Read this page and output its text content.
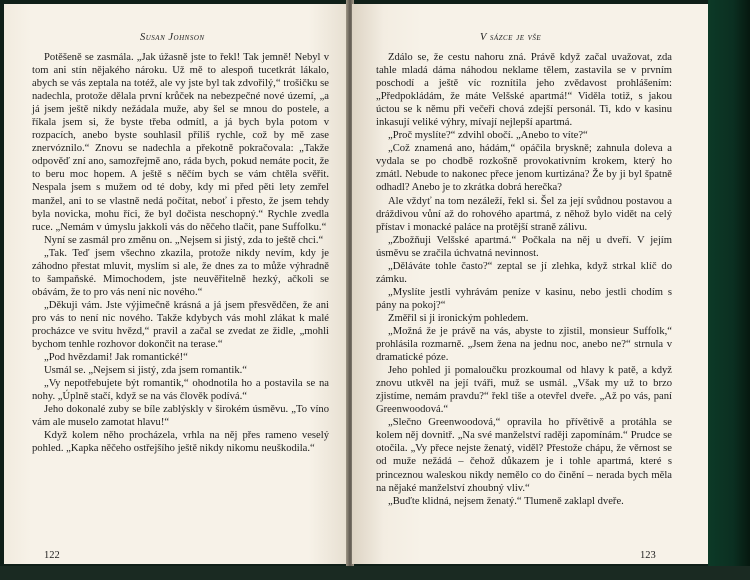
Susan Johnson

Potěšeně se zasmála. „Jak úžasně jste to řekl! Tak jemně! Nebyl v tom ani stín nějakého nároku. Už mě to alespoň tucetkrát lákalo, abych se vás zeptala na totéž, ale vy jste byl tak zdvořilý,“ trošičku se nadechla, protože dělala první krůček na nebezpečné nové území, „a já jsem ještě nikdy nežádala muže, aby šel se mnou do postele, a říkala jsem si, že byste třeba odmítl, a já bych byla potom v rozpacích, anebo byste souhlasil příliš rychle, což by mě zase znervóznilo.“ Znovu se nadechla a překotně pokračovala: „Takže odpověď zní ano, samozřejmě ano, ráda bych, pokud nemáte pocit, že to beru moc hopem. A ještě s něčím bych se vám chtěla svěřit. Nespala jsem s mužem od té doby, kdy mi před pěti lety zemřel manžel, ani to se vlastně nedá počítat, neboť i přesto, že jsem tehdy byla novicka, mohu říci, že byl dočista neschopný.“ Rychle zvedla ruce. „Nemám v úmyslu jakkoli vás do něčeho tlačit, pane Suffolku.“

Nyní se zasmál pro změnu on. „Nejsem si jistý, zda to ještě chci.“

„Tak. Teď jsem všechno zkazila, protože nikdy nevím, kdy je záhodno přestat mluvit, myslím si ale, že dnes za to může výhradně to šampaňské. Mimochodem, jste neuvěřitelně hezký, ačkoli se obávám, že to pro vás není nic nového.“

„Děkuji vám. Jste výjimečně krásná a já jsem přesvědčen, že ani pro vás to není nic nového. Takže kdybych vás mohl zlákat k malé procházce ve svitu hvězd,“ pravil a začal se zvedat ze židle, „mohli bychom tenhle rozhovor dokončit na terase.“

„Pod hvězdami! Jak romantické!“

Usmál se. „Nejsem si jistý, zda jsem romantik.“

„Vy nepotřebujete být romantik,“ ohodnotila ho a postavila se na nohy. „Úplně stačí, když se na vás člověk podívá.“

Jeho dokonalé zuby se bíle zablýskly v širokém úsměvu. „To víno vám ale muselo zamotat hlavu!“

Když kolem něho procházela, vrhla na něj přes rameno veselý pohled. „Kapka něčeho ostřejšího ještě nikdy nikomu neuškodila.“

122
V sázce je vše

Zdálo se, že cestu nahoru zná. Právě když začal uvažovat, zda tahle mladá dáma náhodou neklame tělem, zastavila se v prvním poschodí a ještě víc roznítila jeho zvědavost prohlášením: „Předpokládám, že máte Velšské apartmá!“ Viděla totiž, s jakou úctou se k němu při večeři chová zdejší personál. Ti, kdo v kasinu inkasují veliké výhry, mívají nejlepší apartmá.

„Proč myslíte?“ zdvihl obočí. „Anebo to víte?“

„Což znamená ano, hádám,“ opáčila bryskně; zahnula doleva a vydala se po chodbě rozkošně provokativním krokem, který ho zmátl. Nebude to nakonec přece jenom kurtizána? Že by ji byl špatně odhadl? Anebo je to zkrátka dobrá herečka?

Ale vždyť na tom nezáleží, řekl si. Šel za její svůdnou postavou a dráždivou vůní až do rohového apartmá, z něhož bylo vidět na celý přístav i monacké paláce na protější straně zálivu.

„Zbožňuji Velšské apartmá.“ Počkala na něj u dveří. V jejím úsměvu se zračila úchvatná nevinnost.

„Děláváte tohle často?“ zeptal se jí zlehka, když strkal klíč do zámku.

„Myslíte jestli vyhrávám peníze v kasinu, nebo jestli chodím s pány na pokoj?“

Změřil si ji ironickým pohledem.

„Možná že je právě na vás, abyste to zjistil, monsieur Suffolk,“ prohlásila rozmarně. „Jsem žena na jednu noc, anebo ne?“ strnula v dramatické póze.

Jeho pohled ji pomaloučku prozkoumal od hlavy k patě, a když znovu utkvěl na její tváři, muž se usmál. „Však my už to brzo zjistíme, nemám pravdu?“ řekl tiše a otevřel dveře. „Až po vás, paní Greenwoodová.“

„Slečno Greenwoodová,“ opravila ho přívětivě a protáhla se kolem něj dovnitř. „Na své manželství raději zapomínám.“ Prudce se otočila. „Vy přece nejste ženatý, viděl? Přestože chápu, že věrnost se od muže nežádá – čehož důkazem je i tohle apartmá, které s princeznou waleskou nikdy nemělo co do činění – nerada bych měla na nějaké manželství zhoubný vliv.“

„Buďte klidná, nejsem ženatý.“ Tlumeně zaklapl dveře.

123
